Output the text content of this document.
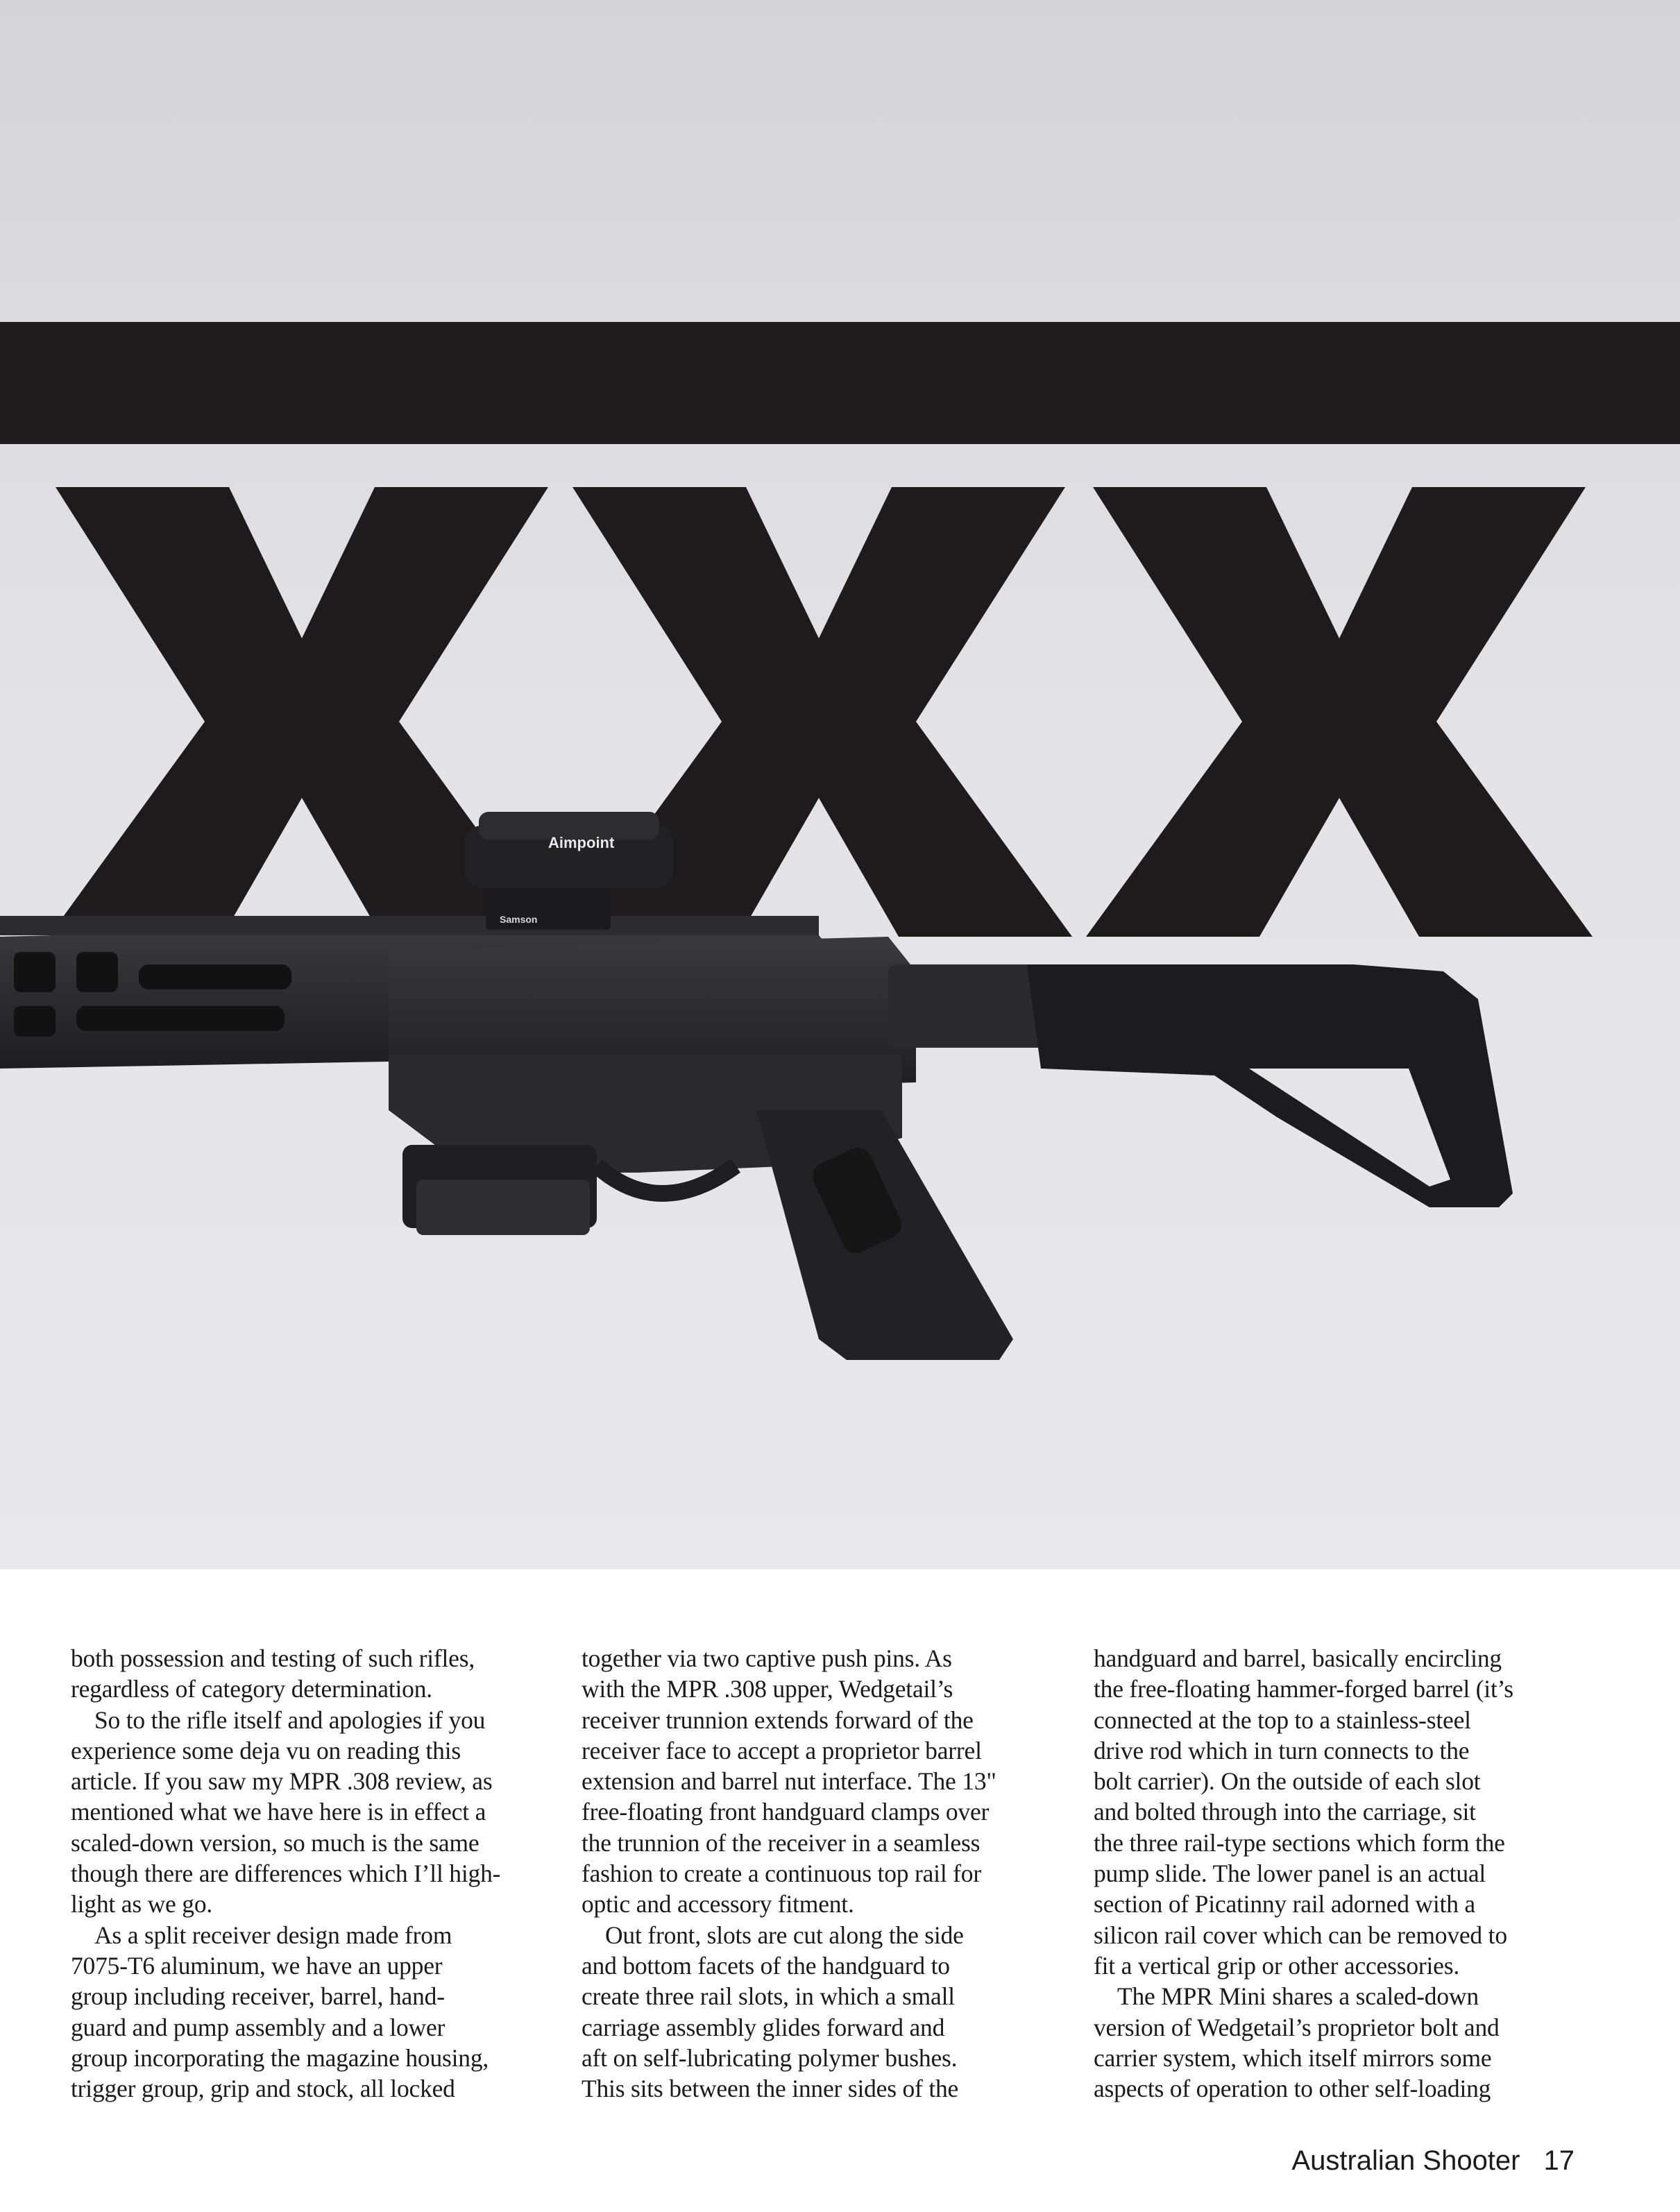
Aimpoint
Samson
both possession and testing of such rifles,
regardless of category determination.
So to the rifle itself and apologies if you
experience some deja vu on reading this
article. If you saw my MPR .308 review, as
mentioned what we have here is in effect a
scaled-down version, so much is the same
though there are differences which I’ll high-
light as we go.
As a split receiver design made from
7075-T6 aluminum, we have an upper
group including receiver, barrel, hand-
guard and pump assembly and a lower
group incorporating the magazine housing,
trigger group, grip and stock, all locked
together via two captive push pins. As
with the MPR .308 upper, Wedgetail’s
receiver trunnion extends forward of the
receiver face to accept a proprietor barrel
extension and barrel nut interface. The 13"
free-floating front handguard clamps over
the trunnion of the receiver in a seamless
fashion to create a continuous top rail for
optic and accessory fitment.
Out front, slots are cut along the side
and bottom facets of the handguard to
create three rail slots, in which a small
carriage assembly glides forward and
aft on self-lubricating polymer bushes.
This sits between the inner sides of the
handguard and barrel, basically encircling
the free-floating hammer-forged barrel (it’s
connected at the top to a stainless-steel
drive rod which in turn connects to the
bolt carrier). On the outside of each slot
and bolted through into the carriage, sit
the three rail-type sections which form the
pump slide. The lower panel is an actual
section of Picatinny rail adorned with a
silicon rail cover which can be removed to
fit a vertical grip or other accessories.
The MPR Mini shares a scaled-down
version of Wedgetail’s proprietor bolt and
carrier system, which itself mirrors some
aspects of operation to other self-loading
Australian Shooter 17
